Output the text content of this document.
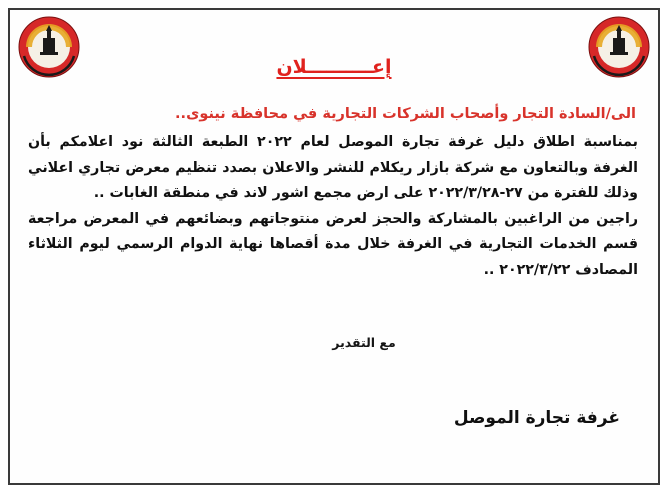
إعــــــــــلان
الى/السادة التجار وأصحاب الشركات التجارية في محافظة نينوى..

بمناسبة اطلاق دليل غرفة تجارة الموصل لعام ٢٠٢٢ الطبعة الثالثة نود اعلامكم بأن الغرفة وبالتعاون مع شركة بازار ريكلام للنشر والاعلان بصدد تنظيم معرض تجاري اعلاني وذلك للفترة من ٢٧-٢٠٢٢/٣/٢٨ على ارض مجمع اشور لاند في منطقة الغابات ..

راجين من الراغبين بالمشاركة والحجز لعرض منتوجاتهم وبضائعهم في المعرض مراجعة قسم الخدمات التجارية في الغرفة خلال مدة أقصاها نهاية الدوام الرسمي ليوم الثلاثاء المصادف ٢٠٢٢/٣/٢٢ ..

مع التقدير
غرفة تجارة الموصل
